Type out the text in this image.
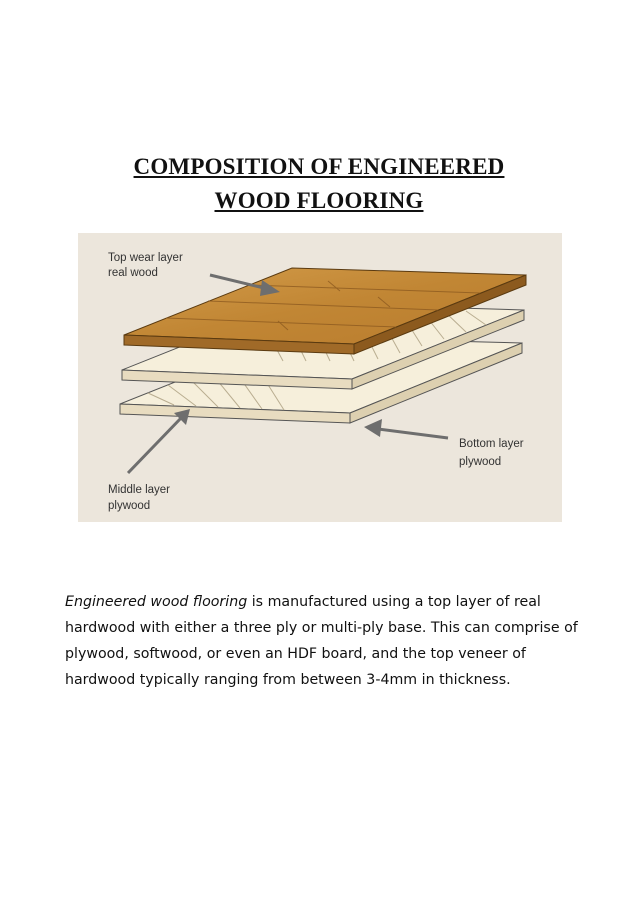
COMPOSITION OF ENGINEERED
WOOD FLOORING
Top wear layer
real wood
Bottom layer
plywood
Middle layer
plywood

Engineered wood flooring is manufactured using a top layer of real hardwood with either a three ply or multi-ply base. This can comprise of plywood, softwood, or even an HDF board, and the top veneer of hardwood typically ranging from between 3-4mm in thickness.
